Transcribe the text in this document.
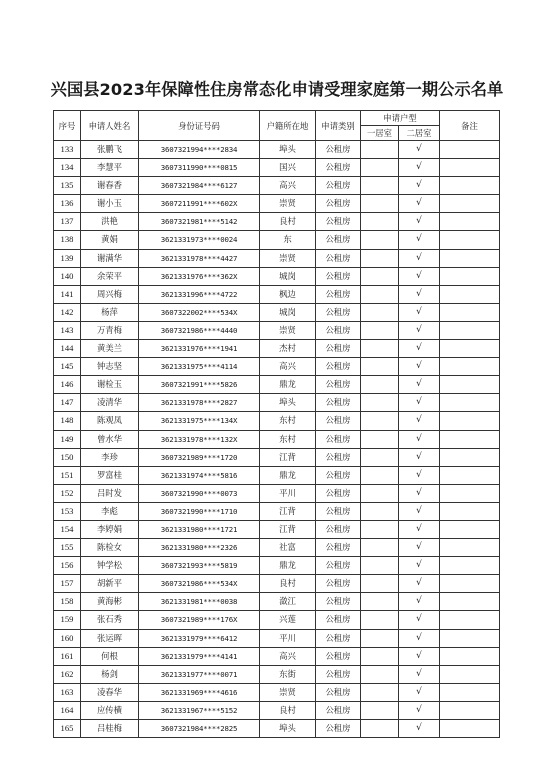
兴国县2023年保障性住房常态化申请受理家庭第一期公示名单
序号	申请人姓名	身份证号码	户籍所在地	申请类别	申请户型		备注
					一居室	二居室	
133	张鹏飞	3607321994****2834	埠头	公租房		√	
134	李慧平	3607311990****0815	国兴	公租房		√	
135	谢春香	3607321984****6127	高兴	公租房		√	
136	谢小玉	3607211991****602X	崇贤	公租房		√	
137	洪艳	3607321981****5142	良村	公租房		√	
138	黄娟	3621331973****0024	东	公租房		√	
139	谢满华	3621331978****4427	崇贤	公租房		√	
140	余荣平	3621331976****362X	城岗	公租房		√	
141	周兴梅	3621331996****4722	枫边	公租房		√	
142	杨萍	3607322002****534X	城岗	公租房		√	
143	万青梅	3607321986****4440	崇贤	公租房		√	
144	黄美兰	3621331976****1941	杰村	公租房		√	
145	钟志坚	3621331975****4114	高兴	公租房		√	
146	谢检玉	3607321991****5826	鼎龙	公租房		√	
147	凌清华	3621331978****2827	埠头	公租房		√	
148	陈观凤	3621331975****134X	东村	公租房		√	
149	曾水华	3621331978****132X	东村	公租房		√	
150	李珍	3607321989****1720	江背	公租房		√	
151	罗富桂	3621331974****5816	鼎龙	公租房		√	
152	吕时发	3607321990****0073	平川	公租房		√	
153	李彪	3607321990****1710	江背	公租房		√	
154	李婷娟	3621331980****1721	江背	公租房		√	
155	陈检女	3621331980****2326	社富	公租房		√	
156	钟学松	3607321993****5819	鼎龙	公租房		√	
157	胡新平	3607321986****534X	良村	公租房		√	
158	黄海彬	3621331981****0038	潋江	公租房		√	
159	张石秀	3607321989****176X	兴莲	公租房		√	
160	张运晖	3621331979****6412	平川	公租房		√	
161	何根	3621331979****4141	高兴	公租房		√	
162	杨剑	3621331977****0071	东街	公租房		√	
163	凌春华	3621331969****4616	崇贤	公租房		√	
164	应传横	3621331967****5152	良村	公租房		√	
165	吕桂梅	3607321984****2825	埠头	公租房		√	
